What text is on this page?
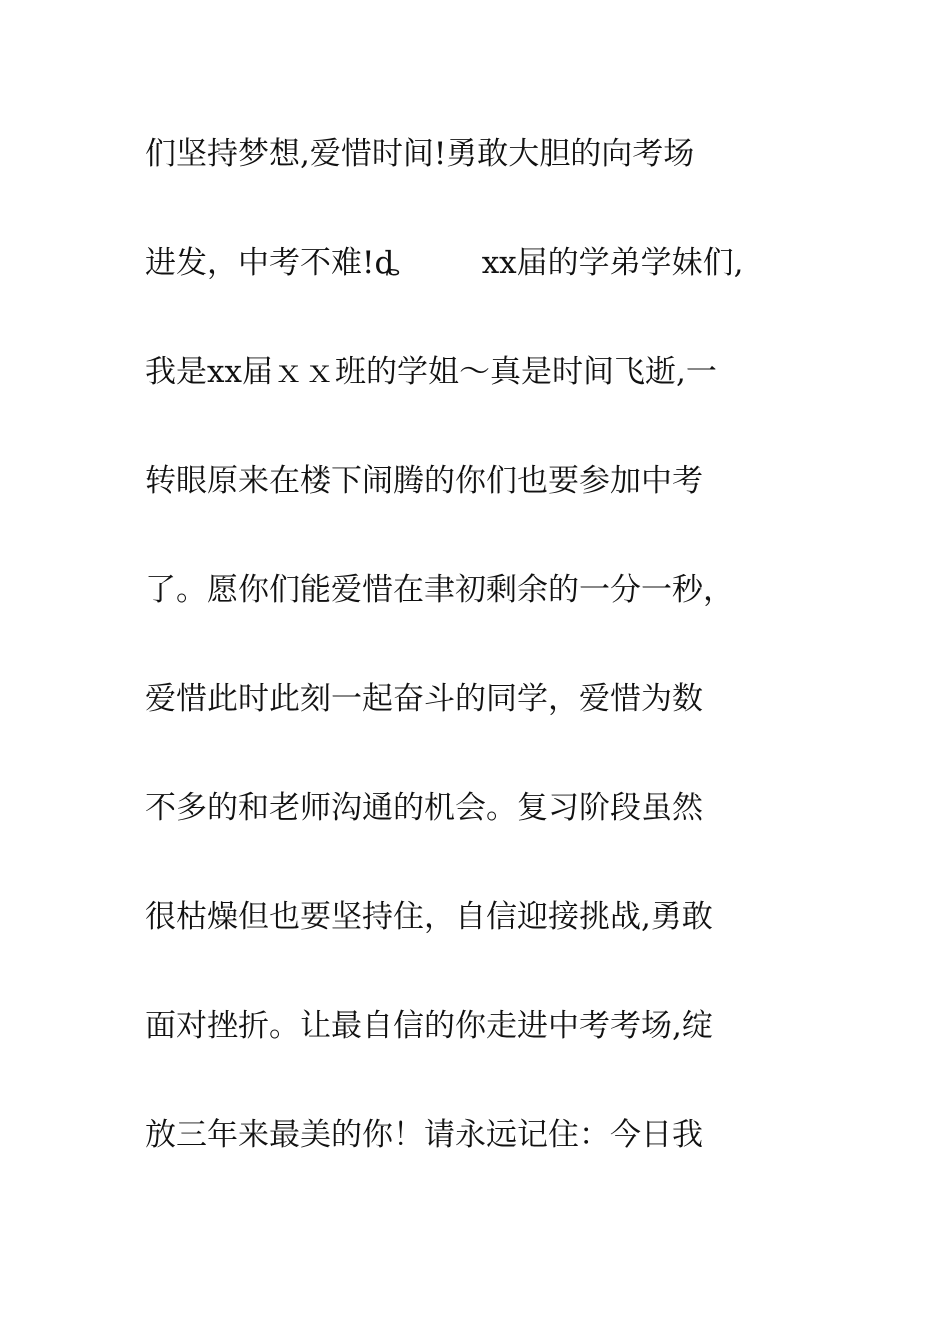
们坚持梦想,爱惜时间!勇敢大胆的向考场
进发，中考不难!ȡ	xx届的学弟学妹们,
我是xx届ｘｘ班的学姐～真是时间飞逝,一
转眼原来在楼下闹腾的你们也要参加中考
了。愿你们能爱惜在聿初剩余的一分一秒，
爱惜此时此刻一起奋斗的同学，爱惜为数
不多的和老师沟通的机会。复习阶段虽然
很枯燥但也要坚持住，自信迎接挑战,勇敢
面对挫折。让最自信的你走进中考考场,绽
放三年来最美的你！请永远记住：今日我
